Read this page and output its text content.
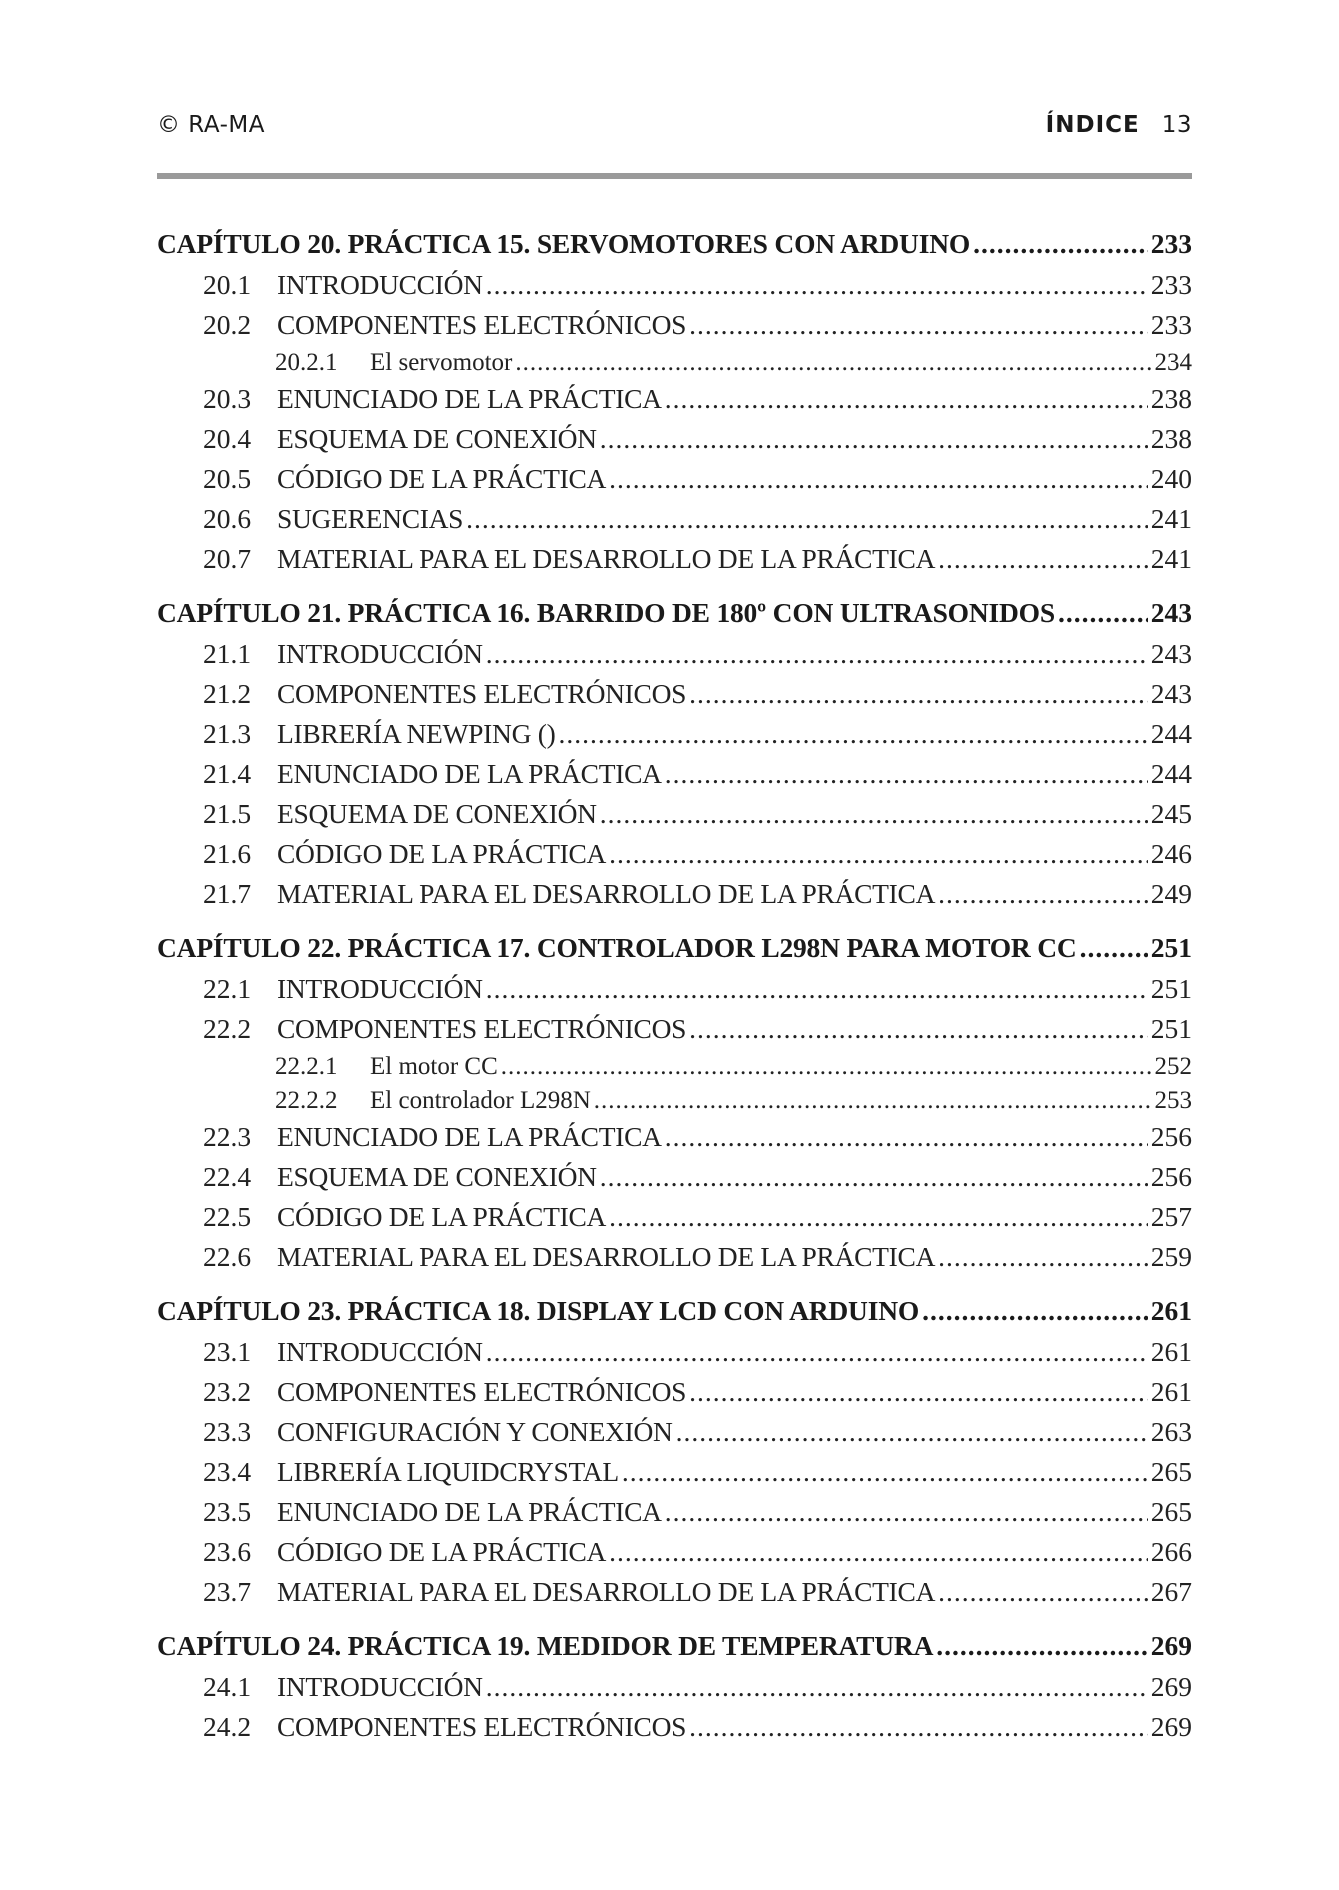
© RA-MA	ÍNDICE 13
CAPÍTULO 20. PRÁCTICA 15. SERVOMOTORES CON ARDUINO .....	233
20.1 INTRODUCCIÓN .....	233
20.2 COMPONENTES ELECTRÓNICOS .....	233
20.2.1	El servomotor .....	234
20.3 ENUNCIADO DE LA PRÁCTICA .....	238
20.4 ESQUEMA DE CONEXIÓN .....	238
20.5 CÓDIGO DE LA PRÁCTICA .....	240
20.6 SUGERENCIAS .....	241
20.7 MATERIAL PARA EL DESARROLLO DE LA PRÁCTICA .....	241
CAPÍTULO 21. PRÁCTICA 16. BARRIDO DE 180º CON ULTRASONIDOS .....	243
21.1 INTRODUCCIÓN .....	243
21.2 COMPONENTES ELECTRÓNICOS .....	243
21.3 LIBRERÍA NEWPING () .....	244
21.4 ENUNCIADO DE LA PRÁCTICA .....	244
21.5 ESQUEMA DE CONEXIÓN .....	245
21.6 CÓDIGO DE LA PRÁCTICA .....	246
21.7 MATERIAL PARA EL DESARROLLO DE LA PRÁCTICA .....	249
CAPÍTULO 22. PRÁCTICA 17. CONTROLADOR L298N PARA MOTOR CC .....	251
22.1 INTRODUCCIÓN .....	251
22.2 COMPONENTES ELECTRÓNICOS .....	251
22.2.1	El motor CC .....	252
22.2.2	El controlador L298N .....	253
22.3 ENUNCIADO DE LA PRÁCTICA .....	256
22.4 ESQUEMA DE CONEXIÓN .....	256
22.5 CÓDIGO DE LA PRÁCTICA .....	257
22.6 MATERIAL PARA EL DESARROLLO DE LA PRÁCTICA .....	259
CAPÍTULO 23. PRÁCTICA 18. DISPLAY LCD CON ARDUINO .....	261
23.1 INTRODUCCIÓN .....	261
23.2 COMPONENTES ELECTRÓNICOS .....	261
23.3 CONFIGURACIÓN Y CONEXIÓN .....	263
23.4 LIBRERÍA LIQUIDCRYSTAL .....	265
23.5 ENUNCIADO DE LA PRÁCTICA .....	265
23.6 CÓDIGO DE LA PRÁCTICA .....	266
23.7 MATERIAL PARA EL DESARROLLO DE LA PRÁCTICA .....	267
CAPÍTULO 24. PRÁCTICA 19. MEDIDOR DE TEMPERATURA .....	269
24.1 INTRODUCCIÓN .....	269
24.2 COMPONENTES ELECTRÓNICOS .....	269
